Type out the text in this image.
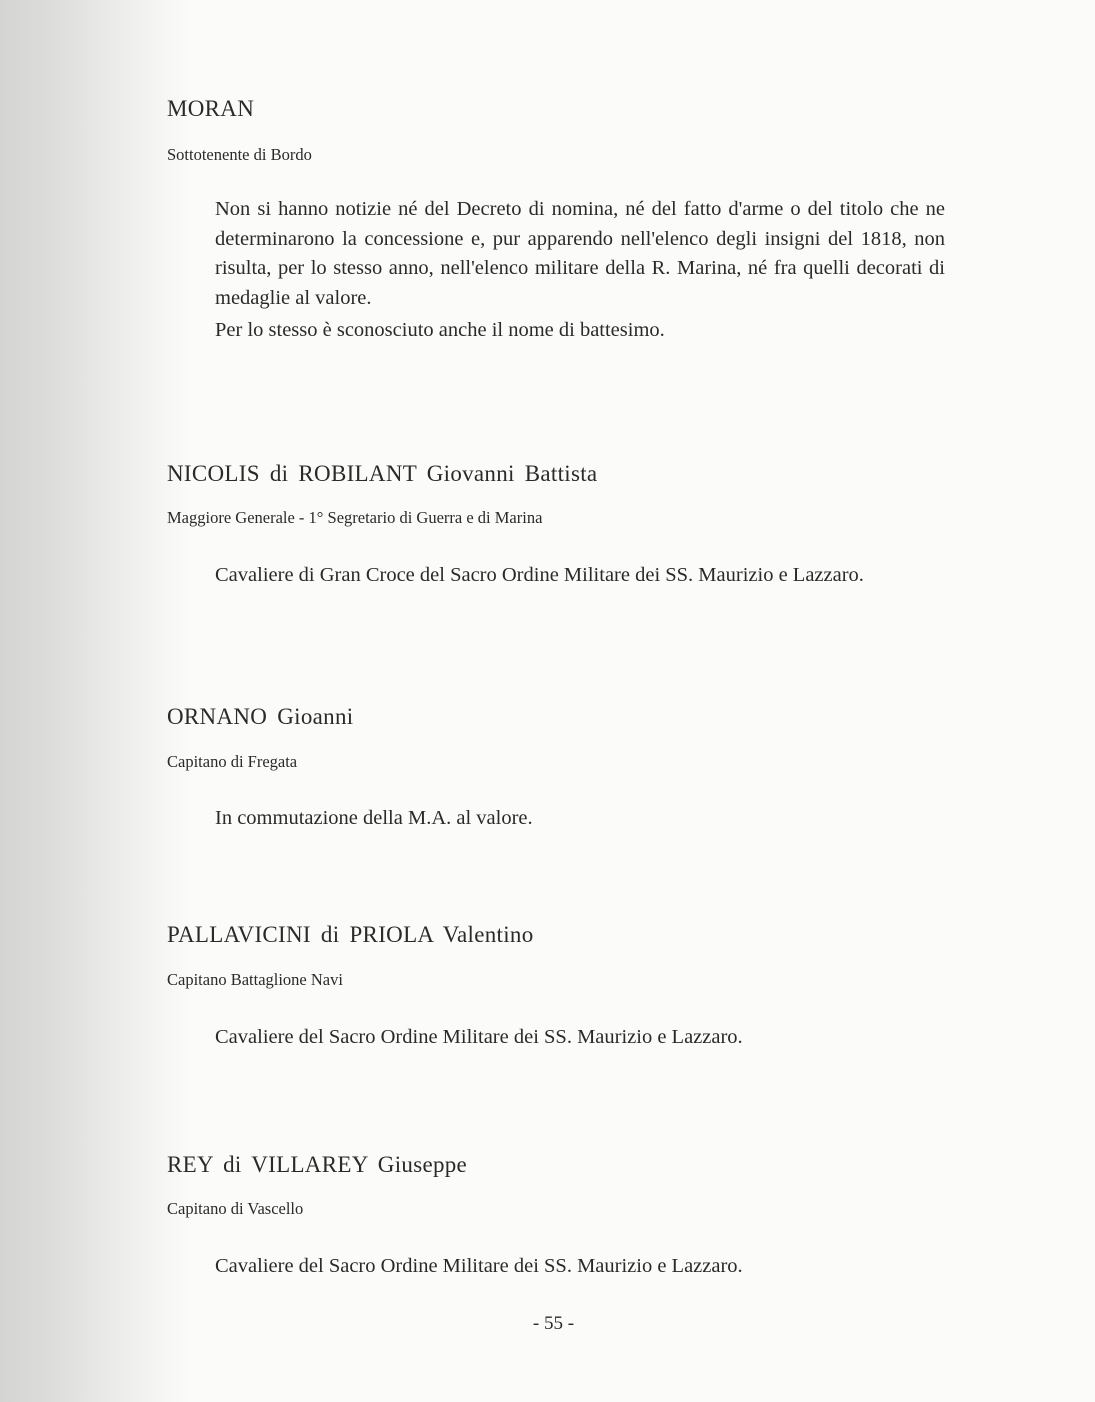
MORAN
Sottotenente di Bordo

Non si hanno notizie né del Decreto di nomina, né del fatto d'arme o del titolo che ne determinarono la concessione e, pur apparendo nell'elenco degli insigni del 1818, non risulta, per lo stesso anno, nell'elenco militare della R. Marina, né fra quelli decorati di medaglie al valore.

Per lo stesso è sconosciuto anche il nome di battesimo.

NICOLIS di ROBILANT Giovanni Battista
Maggiore Generale - 1° Segretario di Guerra e di Marina

Cavaliere di Gran Croce del Sacro Ordine Militare dei SS. Maurizio e Lazzaro.

ORNANO Gioanni
Capitano di Fregata

In commutazione della M.A. al valore.

PALLAVICINI di PRIOLA Valentino
Capitano Battaglione Navi

Cavaliere del Sacro Ordine Militare dei SS. Maurizio e Lazzaro.

REY di VILLAREY Giuseppe
Capitano di Vascello

Cavaliere del Sacro Ordine Militare dei SS. Maurizio e Lazzaro.

- 55 -
